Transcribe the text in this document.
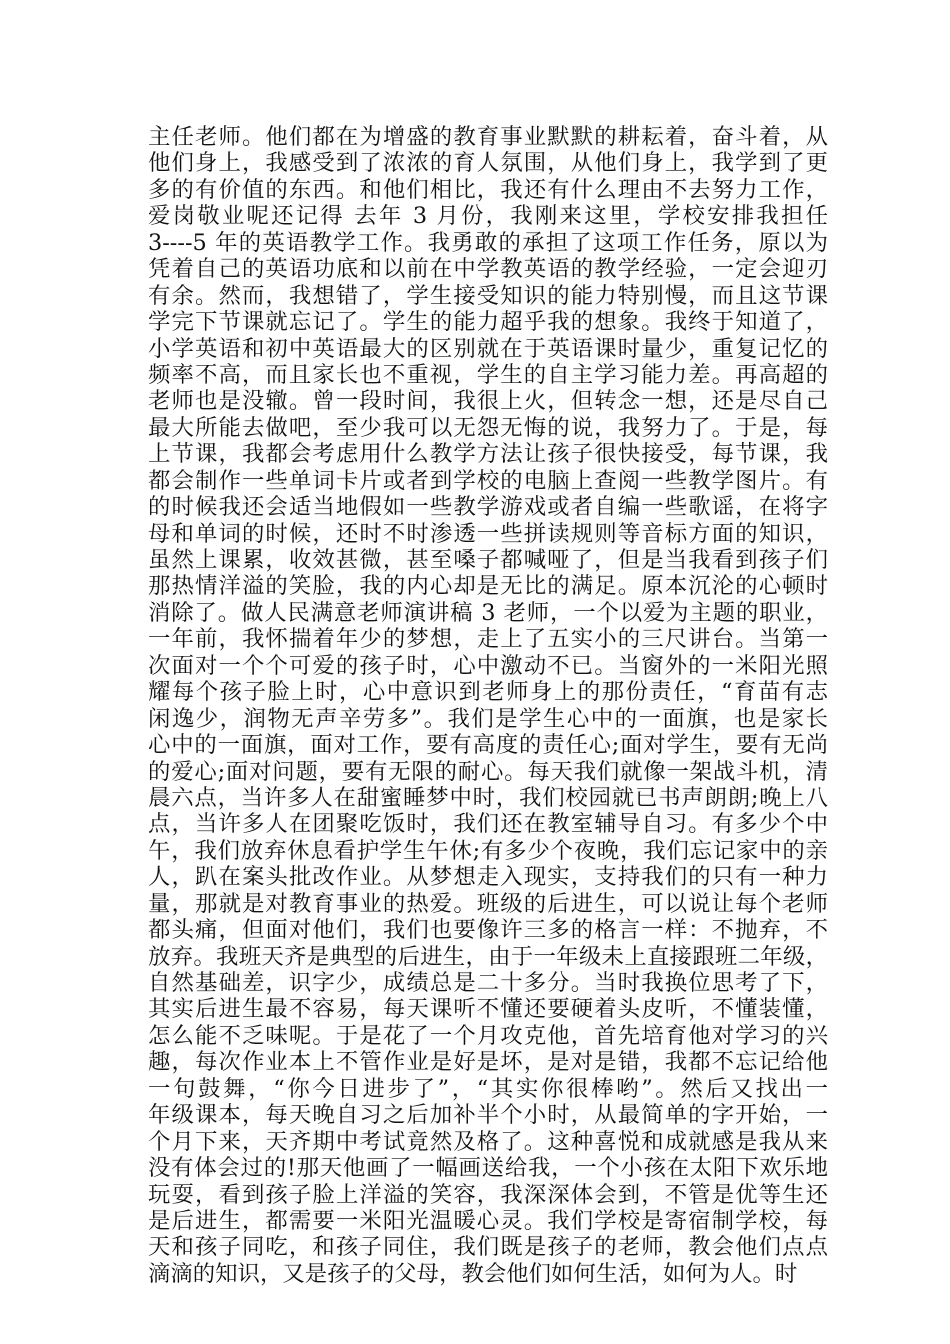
主任老师。他们都在为增盛的教育事业默默的耕耘着，奋斗着，从
他们身上，我感受到了浓浓的育人氛围，从他们身上，我学到了更
多的有价值的东西。和他们相比，我还有什么理由不去努力工作，
爱岗敬业呢还记得 去年 3 月份，我刚来这里，学校安排我担任
3----5 年的英语教学工作。我勇敢的承担了这项工作任务，原以为
凭着自己的英语功底和以前在中学教英语的教学经验，一定会迎刃
有余。然而，我想错了，学生接受知识的能力特别慢，而且这节课
学完下节课就忘记了。学生的能力超乎我的想象。我终于知道了，
小学英语和初中英语最大的区别就在于英语课时量少，重复记忆的
频率不高，而且家长也不重视，学生的自主学习能力差。再高超的
老师也是没辙。曾一段时间，我很上火，但转念一想，还是尽自己
最大所能去做吧，至少我可以无怨无悔的说，我努力了。于是，每
上节课，我都会考虑用什么教学方法让孩子很快接受，每节课，我
都会制作一些单词卡片或者到学校的电脑上查阅一些教学图片。有
的时候我还会适当地假如一些教学游戏或者自编一些歌谣，在将字
母和单词的时候，还时不时渗透一些拼读规则等音标方面的知识，
虽然上课累，收效甚微，甚至嗓子都喊哑了，但是当我看到孩子们
那热情洋溢的笑脸，我的内心却是无比的满足。原本沉沦的心顿时
消除了。做人民满意老师演讲稿 3 老师，一个以爱为主题的职业，
一年前，我怀揣着年少的梦想，走上了五实小的三尺讲台。当第一
次面对一个个可爱的孩子时，心中激动不已。当窗外的一米阳光照
耀每个孩子脸上时，心中意识到老师身上的那份责任，“育苗有志
闲逸少，润物无声辛劳多”。我们是学生心中的一面旗，也是家长
心中的一面旗，面对工作，要有高度的责任心;面对学生，要有无尚
的爱心;面对问题，要有无限的耐心。每天我们就像一架战斗机，清
晨六点，当许多人在甜蜜睡梦中时，我们校园就已书声朗朗;晚上八
点，当许多人在团聚吃饭时，我们还在教室辅导自习。有多少个中
午，我们放弃休息看护学生午休;有多少个夜晚，我们忘记家中的亲
人，趴在案头批改作业。从梦想走入现实，支持我们的只有一种力
量，那就是对教育事业的热爱。班级的后进生，可以说让每个老师
都头痛，但面对他们，我们也要像许三多的格言一样：不抛弃，不
放弃。我班天齐是典型的后进生，由于一年级未上直接跟班二年级，
自然基础差，识字少，成绩总是二十多分。当时我换位思考了下，
其实后进生最不容易，每天课听不懂还要硬着头皮听，不懂装懂，
怎么能不乏味呢。于是花了一个月攻克他，首先培育他对学习的兴
趣，每次作业本上不管作业是好是坏，是对是错，我都不忘记给他
一句鼓舞，“你今日进步了”，“其实你很棒哟”。然后又找出一
年级课本，每天晚自习之后加补半个小时，从最简单的字开始，一
个月下来，天齐期中考试竟然及格了。这种喜悦和成就感是我从来
没有体会过的!那天他画了一幅画送给我，一个小孩在太阳下欢乐地
玩耍，看到孩子脸上洋溢的笑容，我深深体会到，不管是优等生还
是后进生，都需要一米阳光温暖心灵。我们学校是寄宿制学校，每
天和孩子同吃，和孩子同住，我们既是孩子的老师，教会他们点点
滴滴的知识，又是孩子的父母，教会他们如何生活，如何为人。时
